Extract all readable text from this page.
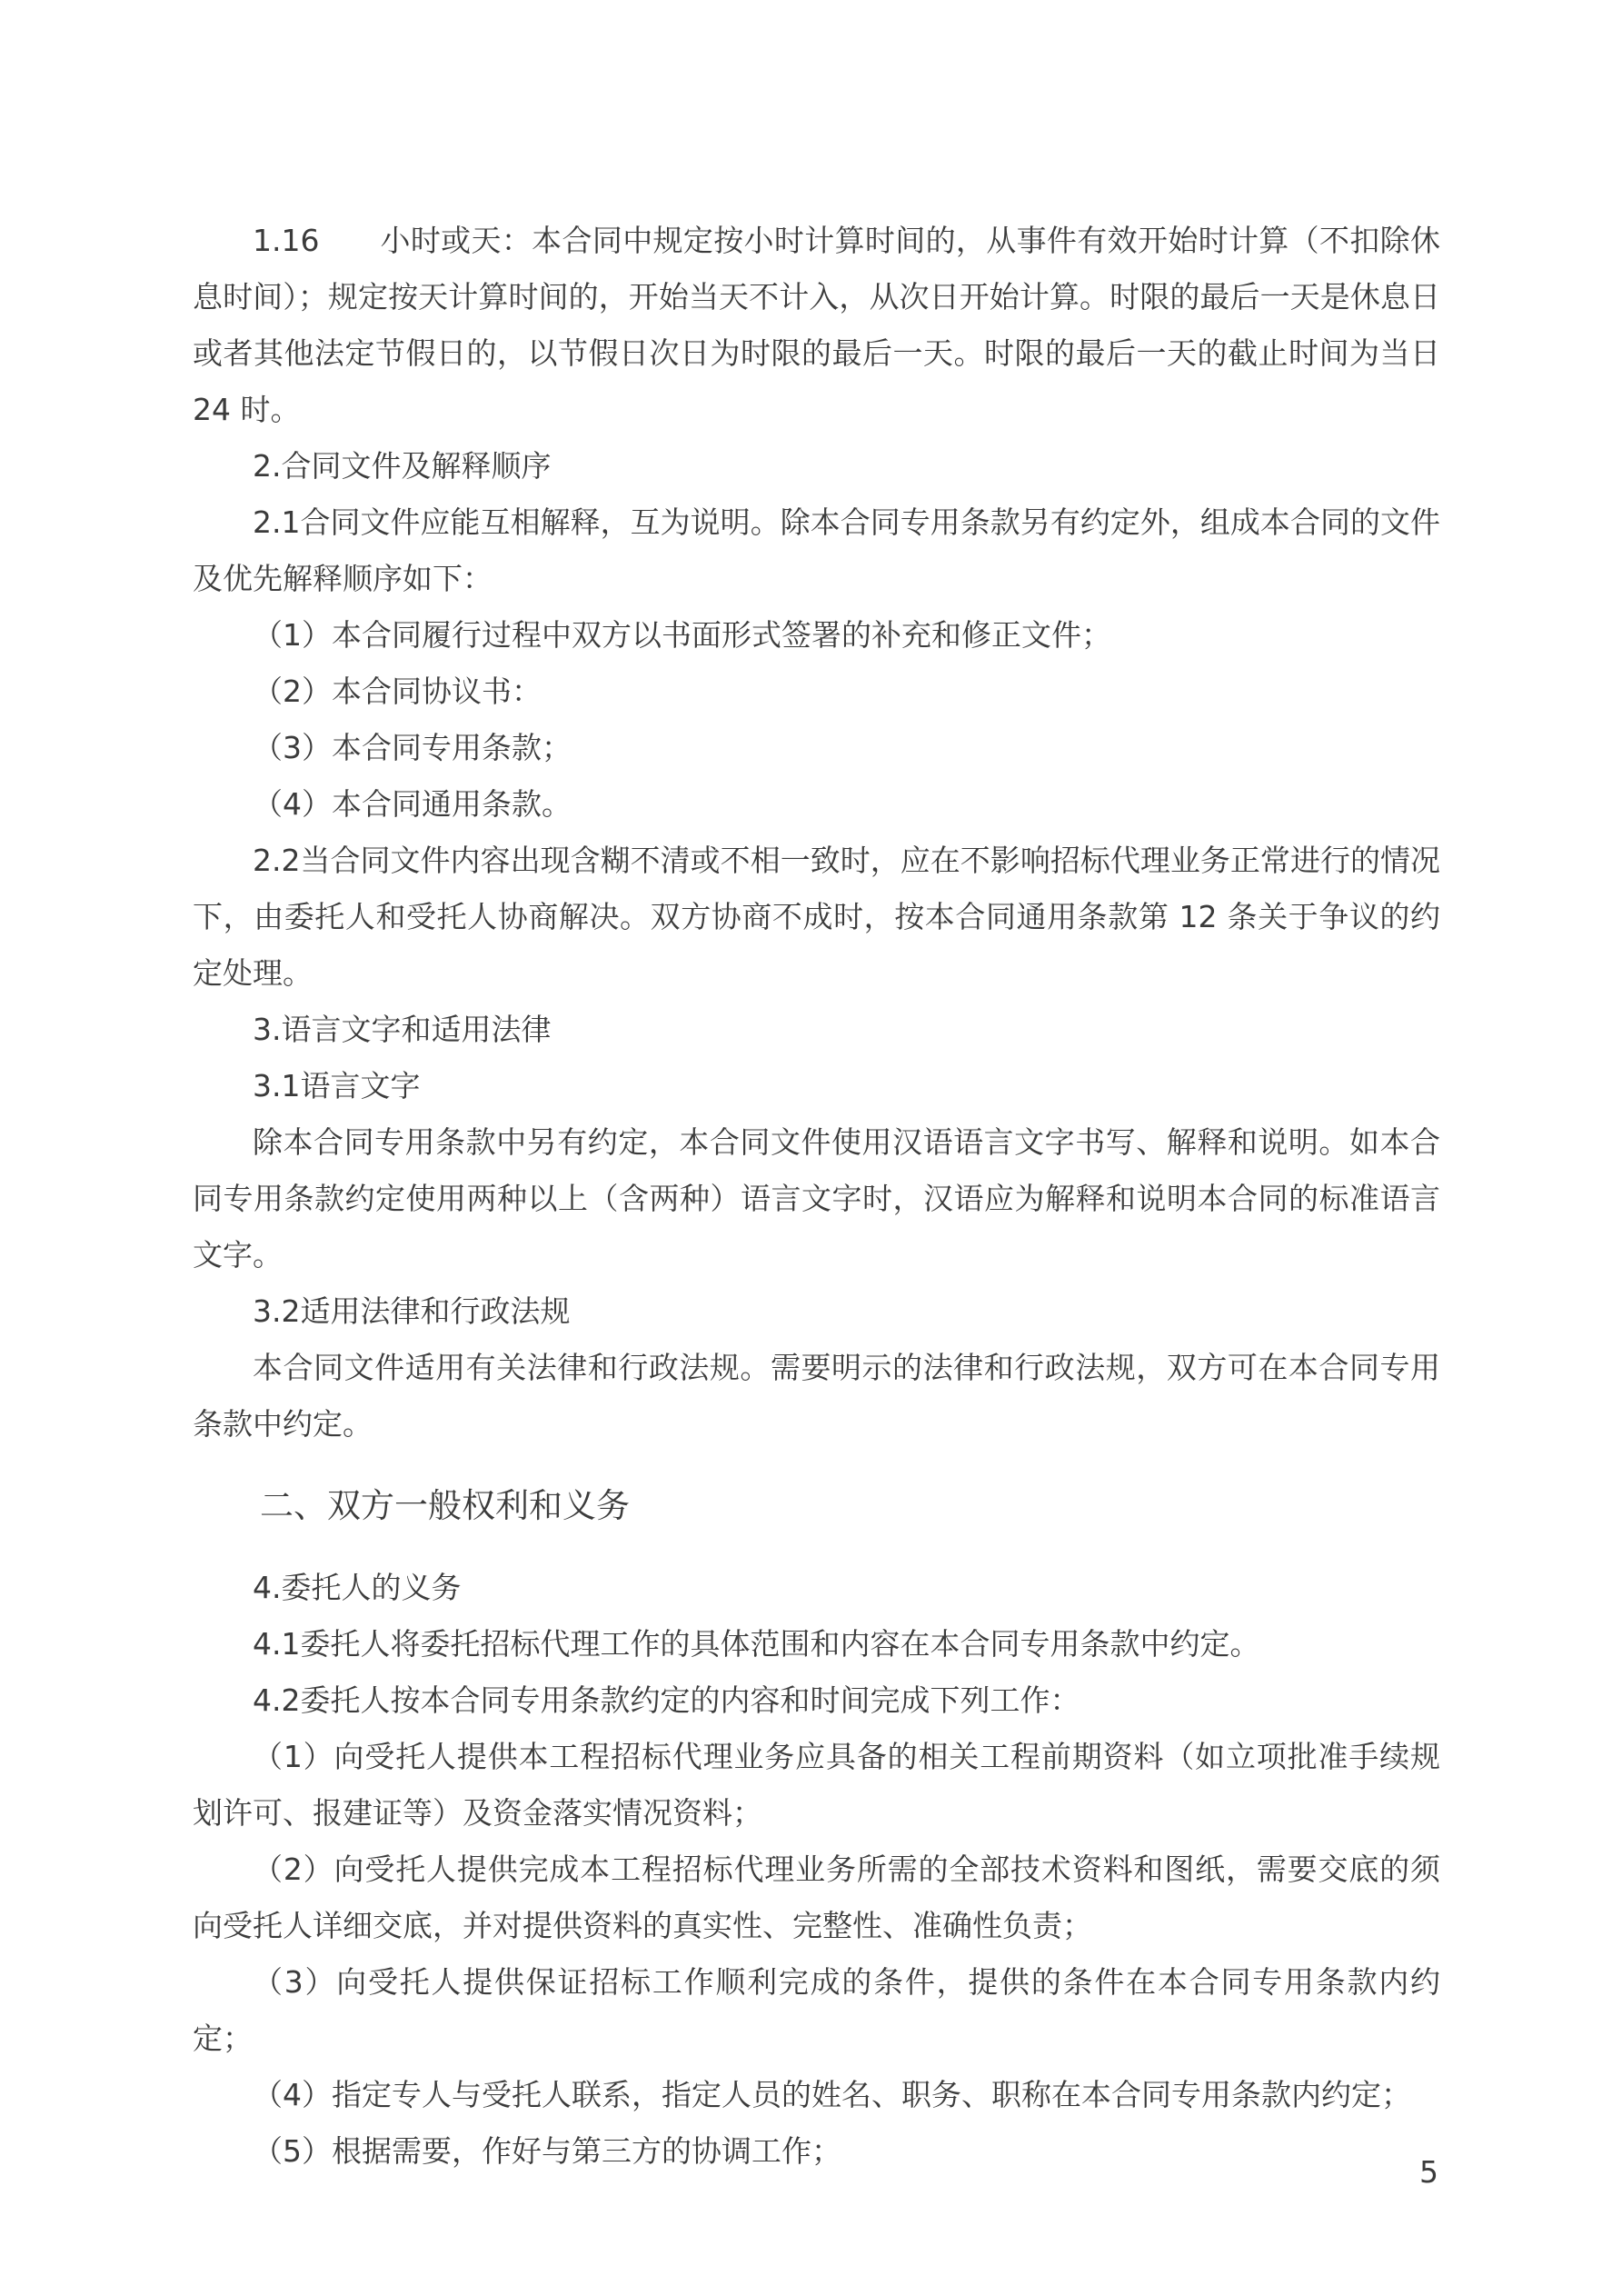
1.16　　小时或天：本合同中规定按小时计算时间的，从事件有效开始时计算（不扣除休息时间）；规定按天计算时间的，开始当天不计入，从次日开始计算。时限的最后一天是休息日或者其他法定节假日的，以节假日次日为时限的最后一天。时限的最后一天的截止时间为当日 24 时。

2.合同文件及解释顺序

2.1合同文件应能互相解释，互为说明。除本合同专用条款另有约定外，组成本合同的文件及优先解释顺序如下：

（1）本合同履行过程中双方以书面形式签署的补充和修正文件；

（2）本合同协议书：

（3）本合同专用条款；

（4）本合同通用条款。

2.2当合同文件内容出现含糊不清或不相一致时，应在不影响招标代理业务正常进行的情况下，由委托人和受托人协商解决。双方协商不成时，按本合同通用条款第 12 条关于争议的约定处理。

3.语言文字和适用法律

3.1语言文字

除本合同专用条款中另有约定，本合同文件使用汉语语言文字书写、解释和说明。如本合同专用条款约定使用两种以上（含两种）语言文字时，汉语应为解释和说明本合同的标准语言文字。

3.2适用法律和行政法规

本合同文件适用有关法律和行政法规。需要明示的法律和行政法规，双方可在本合同专用条款中约定。

二、双方一般权利和义务

4.委托人的义务

4.1委托人将委托招标代理工作的具体范围和内容在本合同专用条款中约定。

4.2委托人按本合同专用条款约定的内容和时间完成下列工作：

（1）向受托人提供本工程招标代理业务应具备的相关工程前期资料（如立项批准手续规划许可、报建证等）及资金落实情况资料；

（2）向受托人提供完成本工程招标代理业务所需的全部技术资料和图纸，需要交底的须向受托人详细交底，并对提供资料的真实性、完整性、准确性负责；

（3）向受托人提供保证招标工作顺利完成的条件，提供的条件在本合同专用条款内约定；

（4）指定专人与受托人联系，指定人员的姓名、职务、职称在本合同专用条款内约定；

（5）根据需要，作好与第三方的协调工作；

5
